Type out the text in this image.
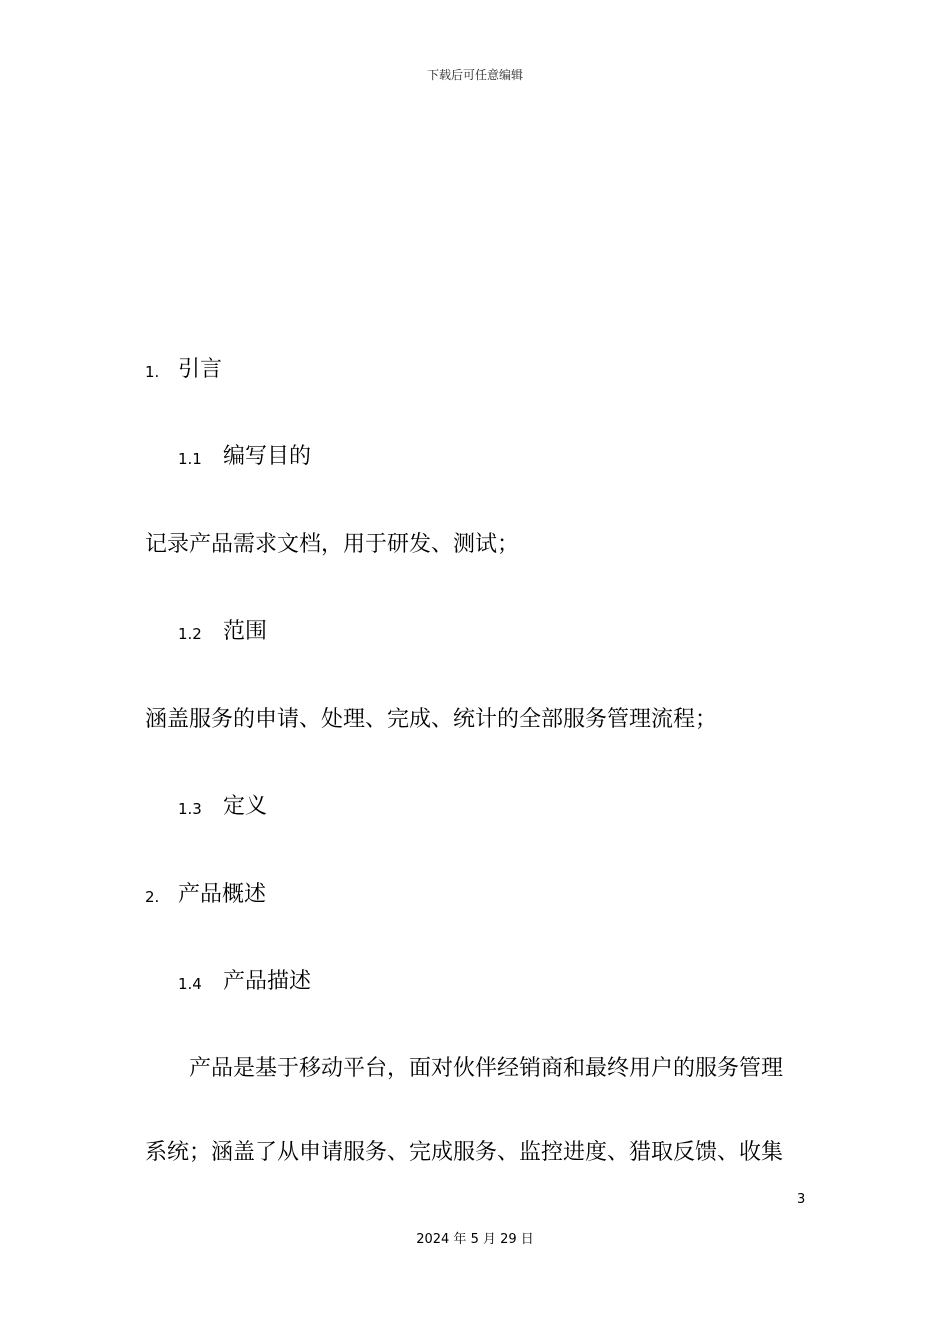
下载后可任意编辑
1. 引言
1.1 编写目的
记录产品需求文档，用于研发、测试；
1.2 范围
涵盖服务的申请、处理、完成、统计的全部服务管理流程；
1.3 定义
2. 产品概述
1.4 产品描述
产品是基于移动平台，面对伙伴经销商和最终用户的服务管理
系统；涵盖了从申请服务、完成服务、监控进度、猎取反馈、收集
3
2024 年 5 月 29 日
